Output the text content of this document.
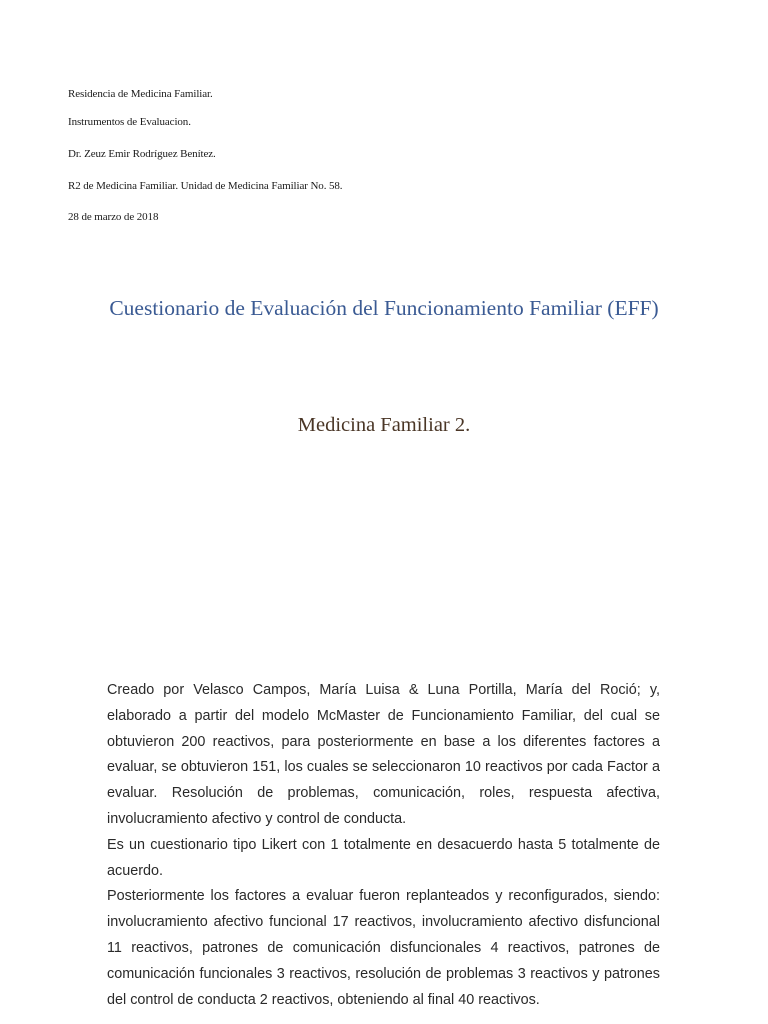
Residencia de Medicina Familiar.
Instrumentos de Evaluacion.
Dr. Zeuz Emir Rodríguez Benítez.
R2 de Medicina Familiar. Unidad de Medicina Familiar No. 58.
28 de marzo de 2018
Cuestionario de Evaluación del Funcionamiento Familiar (EFF)
Medicina Familiar 2.

Creado por Velasco Campos, María Luisa & Luna Portilla, María del Roció; y, elaborado a partir del modelo McMaster de Funcionamiento Familiar, del cual se obtuvieron 200 reactivos, para posteriormente en base a los diferentes factores a evaluar, se obtuvieron 151, los cuales se seleccionaron 10 reactivos por cada Factor a evaluar. Resolución de problemas, comunicación, roles, respuesta afectiva, involucramiento afectivo y control de conducta.

Es un cuestionario tipo Likert con 1 totalmente en desacuerdo hasta 5 totalmente de acuerdo.

Posteriormente los factores a evaluar fueron replanteados y reconfigurados, siendo: involucramiento afectivo funcional 17 reactivos, involucramiento afectivo disfuncional 11 reactivos, patrones de comunicación disfuncionales 4 reactivos, patrones de comunicación funcionales 3 reactivos, resolución de problemas 3 reactivos y patrones del control de conducta 2 reactivos, obteniendo al final 40 reactivos.
